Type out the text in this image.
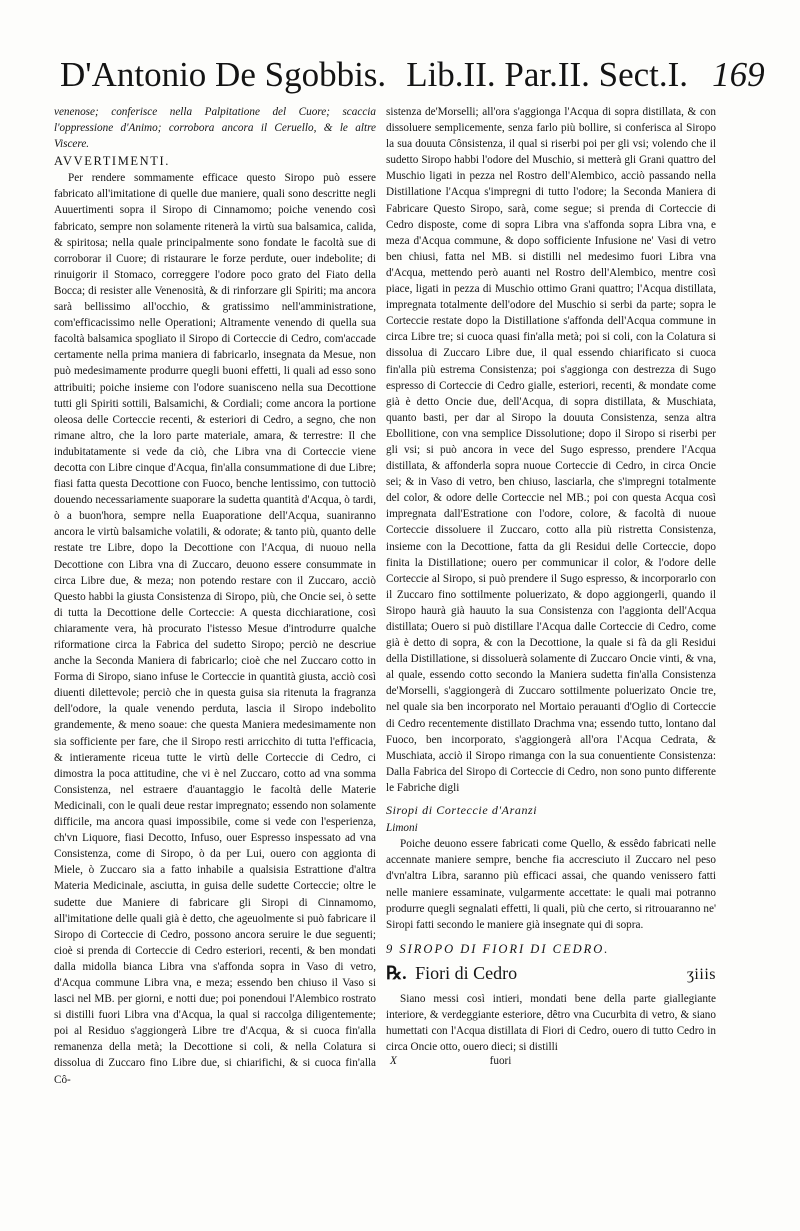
D'Antonio De Sgobbis. Lib.II. Par.II. Sect.I. 169

venenose; conferisce nella Palpitatione del Cuore; scaccia l'oppressione d'Animo; corrobora ancora il Ceruello, & le altre Viscere.

AVVERTIMENTI.

Per rendere sommamente efficace questo Siropo può essere fabricato all'imitatione di quelle due maniere, quali sono descritte negli Auuertimenti sopra il Siropo di Cinnamomo; poiche venendo così fabricato, sempre non solamente ritenerà la virtù sua balsamica, calida, & spiritosa; nella quale principalmente sono fondate le facoltà sue di corroborar il Cuore; di ristaurare le forze perdute, ouer indebolite; di rinuigorir il Stomaco, correggere l'odore poco grato del Fiato della Bocca; di resister alle Venenosità, & di rinforzare gli Spiriti; ma ancora sarà bellissimo all'occhio, & gratissimo nell'amministratione, com'efficacissimo nelle Operationi; Altramente venendo di quella sua facoltà balsamica spogliato il Siropo di Corteccie di Cedro, com'accade certamente nella prima maniera di fabricarlo, insegnata da Mesue, non può medesimamente produrre quegli buoni effetti, li quali ad esso sono attribuiti; poiche insieme con l'odore suanisceno nella sua Decottione tutti gli Spiriti sottili, Balsamichi, & Cordiali; come ancora la portione oleosa delle Corteccie recenti, & esteriori di Cedro, a segno, che non rimane altro, che la loro parte materiale, amara, & terrestre: Il che indubitatamente si vede da ciò, che Libra vna di Corteccie viene decotta con Libre cinque d'Acqua, fin'alla consummatione di due Libre; fiasi fatta questa Decottione con Fuoco, benche lentissimo, con tuttociò douendo necessariamente suaporare la sudetta quantità d'Acqua, ò tardi, ò a buon'hora, sempre nella Euaporatione dell'Acqua, suaniranno ancora le virtù balsamiche volatili, & odorate; & tanto più, quanto delle restate tre Libre, dopo la Decottione con l'Acqua, di nuouo nella Decottione con Libra vna di Zuccaro, deuono essere consummate in circa Libre due, & meza; non potendo restare con il Zuccaro, acciò Questo habbi la giusta Consistenza di Siropo, più, che Oncie sei, ò sette di tutta la Decottione delle Corteccie: A questa dicchiaratione, così chiaramente vera, hà procurato l'istesso Mesue d'introdurre qualche riformatione circa la Fabrica del sudetto Siropo; perciò ne descriue anche la Seconda Maniera di fabricarlo; cioè che nel Zuccaro cotto in Forma di Siropo, siano infuse le Corteccie in quantità giusta, acciò così diuenti dilettevole; perciò che in questa guisa sia ritenuta la fragranza dell'odore, la quale venendo perduta, lascia il Siropo indebolito grandemente, & meno soaue: che questa Maniera medesimamente non sia sofficiente per fare, che il Siropo resti arricchito di tutta l'efficacia, & intieramente riceua tutte le virtù delle Corteccie di Cedro, ci dimostra la poca attitudine, che vi è nel Zuccaro, cotto ad vna somma Consistenza, nel estraere d'auantaggio le facoltà delle Materie Medicinali, con le quali deue restar impregnato; essendo non solamente difficile, ma ancora quasi impossibile, come si vede con l'esperienza, ch'vn Liquore, fiasi Decotto, Infuso, ouer Espresso inspessato ad vna Consistenza, come di Siropo, ò da per Lui, ouero con aggionta di Miele, ò Zuccaro sia a fatto inhabile a qualsisia Estrattione d'altra Materia Medicinale, asciutta, in guisa delle sudette Corteccie; oltre le sudette due Maniere di fabricare gli Siropi di Cinnamomo, all'imitatione delle quali già è detto, che ageuolmente si può fabricare il Siropo di Corteccie di Cedro, possono ancora seruire le due seguenti; cioè si prenda di Corteccie di Cedro esteriori, recenti, & ben mondati dalla midolla bianca Libra vna s'affonda sopra in Vaso di vetro, d'Acqua commune Libra vna, e meza; essendo ben chiuso il Vaso si lasci nel MB. per giorni, e notti due; poi ponendoui l'Alembico rostrato si distilli fuori Libra vna d'Acqua, la qual si raccolga diligentemente; poi al Residuo s'aggiongerà Libre tre d'Acqua, & si cuoca fin'alla remanenza della metà; la Decottione si coli, & nella Colatura si dissolua di Zuccaro fino Libre due, si chiarifichi, & si cuoca fin'alla Cô-

sistenza de'Morselli; all'ora s'aggionga l'Acqua di sopra distillata, & con dissoluere semplicemente, senza farlo più bollire, si conferisca al Siropo la sua douuta Cônsistenza, il qual si riserbi poi per gli vsi; volendo che il sudetto Siropo habbi l'odore del Muschio, si metterà gli Grani quattro del Muschio ligati in pezza nel Rostro dell'Alembico, acciò passando nella Distillatione l'Acqua s'impregni di tutto l'odore; la Seconda Maniera di Fabricare Questo Siropo, sarà, come segue; si prenda di Corteccie di Cedro disposte, come di sopra Libra vna s'affonda sopra Libra vna, e meza d'Acqua commune, & dopo sofficiente Infusione ne' Vasi di vetro ben chiusi, fatta nel MB. si distilli nel medesimo fuori Libra vna d'Acqua, mettendo però auanti nel Rostro dell'Alembico, mentre così piace, ligati in pezza di Muschio ottimo Grani quattro; l'Acqua distillata, impregnata totalmente dell'odore del Muschio si serbi da parte; sopra le Corteccie restate dopo la Distillatione s'affonda dell'Acqua commune in circa Libre tre; si cuoca quasi fin'alla metà; poi si coli, con la Colatura si dissolua di Zuccaro Libre due, il qual essendo chiarificato si cuoca fin'alla più estrema Consistenza; poi s'aggionga con destrezza di Sugo espresso di Corteccie di Cedro gialle, esteriori, recenti, & mondate come già è detto Oncie due, dell'Acqua, di sopra distillata, & Muschiata, quanto basti, per dar al Siropo la douuta Consistenza, senza altra Ebollitione, con vna semplice Dissolutione; dopo il Siropo si riserbi per gli vsi; si può ancora in vece del Sugo espresso, prendere l'Acqua distillata, & affonderla sopra nuoue Corteccie di Cedro, in circa Oncie sei; & in Vaso di vetro, ben chiuso, lasciarla, che s'impregni totalmente del color, & odore delle Corteccie nel MB.; poi con questa Acqua così impregnata dall'Estratione con l'odore, colore, & facoltà di nuoue Corteccie dissoluere il Zuccaro, cotto alla più ristretta Consistenza, insieme con la Decottione, fatta da gli Residui delle Corteccie, dopo finita la Distillatione; ouero per communicar il color, & l'odore delle Corteccie al Siropo, si può prendere il Sugo espresso, & incorporarlo con il Zuccaro fino sottilmente poluerizato, & dopo aggiongerli, quando il Siropo haurà già hauuto la sua Consistenza con l'aggionta dell'Acqua distillata; Ouero si può distillare l'Acqua dalle Corteccie di Cedro, come già è detto di sopra, & con la Decottione, la quale si fà da gli Residui della Distillatione, si dissoluerà solamente di Zuccaro Oncie vinti, & vna, al quale, essendo cotto secondo la Maniera sudetta fin'alla Consistenza de'Morselli, s'aggiongerà di Zuccaro sottilmente poluerizato Oncie tre, nel quale sia ben incorporato nel Mortaio perauanti d'Oglio di Corteccie di Cedro recentemente distillato Drachma vna; essendo tutto, lontano dal Fuoco, ben incorporato, s'aggiongerà all'ora l'Acqua Cedrata, & Muschiata, acciò il Siropo rimanga con la sua conuentiente Consistenza: Dalla Fabrica del Siropo di Corteccie di Cedro, non sono punto differente le Fabriche digli

Siropi di Corteccie d'Aranzi

Limoni

Poiche deuono essere fabricati come Quello, & essêdo fabricati nelle accennate maniere sempre, benche fia accresciuto il Zuccaro nel peso d'vn'altra Libra, saranno più efficaci assai, che quando venissero fatti nelle maniere essaminate, vulgarmente accettate: le quali mai potranno produrre quegli segnalati effetti, li quali, più che certo, si ritrouaranno ne' Siropi fatti secondo le maniere già insegnate qui di sopra.

9 SIROPO DI FIORI DI CEDRO.

℞. Fiori di Cedro	ʒiiis

Siano messi così intieri, mondati bene della parte giallegiante interiore, & verdeggiante esteriore, dêtro vna Cucurbita di vetro, & siano humettati con l'Acqua distillata di Fiori di Cedro, ouero di tutto Cedro in circa Oncie otto, ouero dieci; si distilli

X	fuori
